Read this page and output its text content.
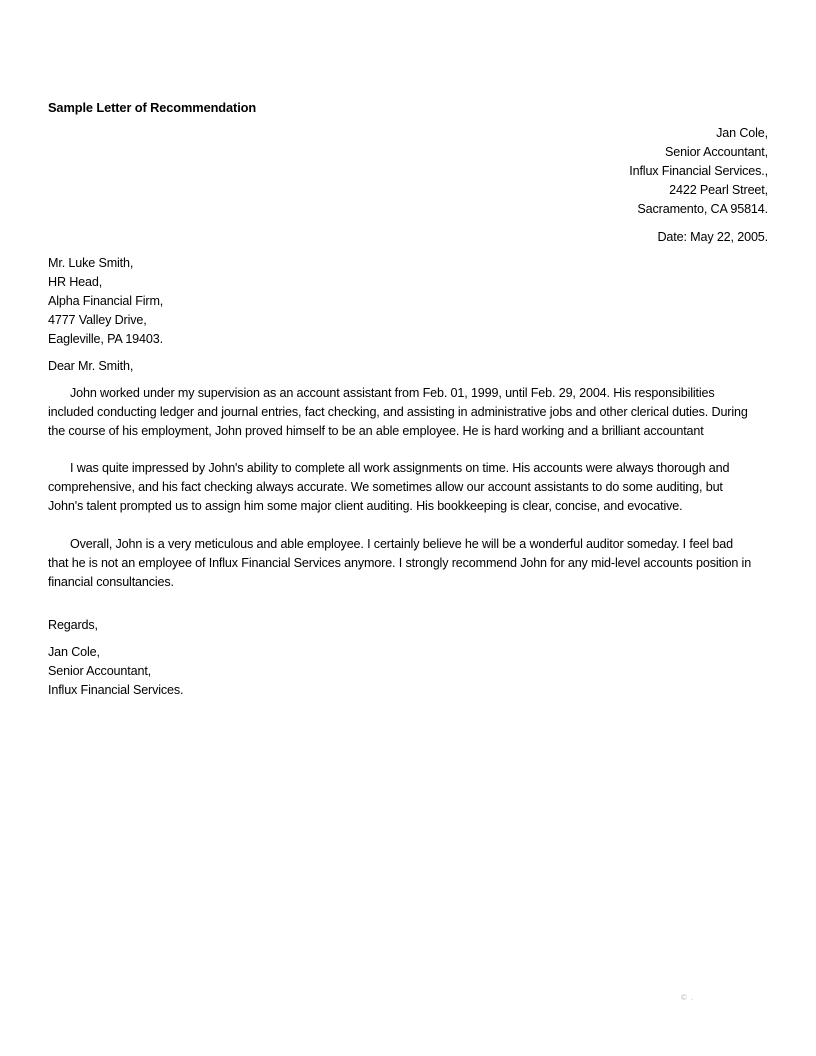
Sample Letter of Recommendation
Jan Cole,
Senior Accountant,
Influx Financial Services.,
2422 Pearl Street,
Sacramento, CA 95814.
Date: May 22, 2005.
Mr. Luke Smith,
HR Head,
Alpha Financial Firm,
4777 Valley Drive,
Eagleville, PA 19403.
Dear Mr. Smith,

John worked under my supervision as an account assistant from Feb. 01, 1999, until Feb. 29, 2004. His responsibilities included conducting ledger and journal entries, fact checking, and assisting in administrative jobs and other clerical duties. During the course of his employment, John proved himself to be an able employee. He is hard working and a brilliant accountant

I was quite impressed by John's ability to complete all work assignments on time. His accounts were always thorough and comprehensive, and his fact checking always accurate. We sometimes allow our account assistants to do some auditing, but John's talent prompted us to assign him some major client auditing. His bookkeeping is clear, concise, and evocative.

Overall, John is a very meticulous and able employee. I certainly believe he will be a wonderful auditor someday. I feel bad that he is not an employee of Influx Financial Services anymore. I strongly recommend John for any mid-level accounts position in financial consultancies.

Regards,
Jan Cole,
Senior Accountant,
Influx Financial Services.
© .
